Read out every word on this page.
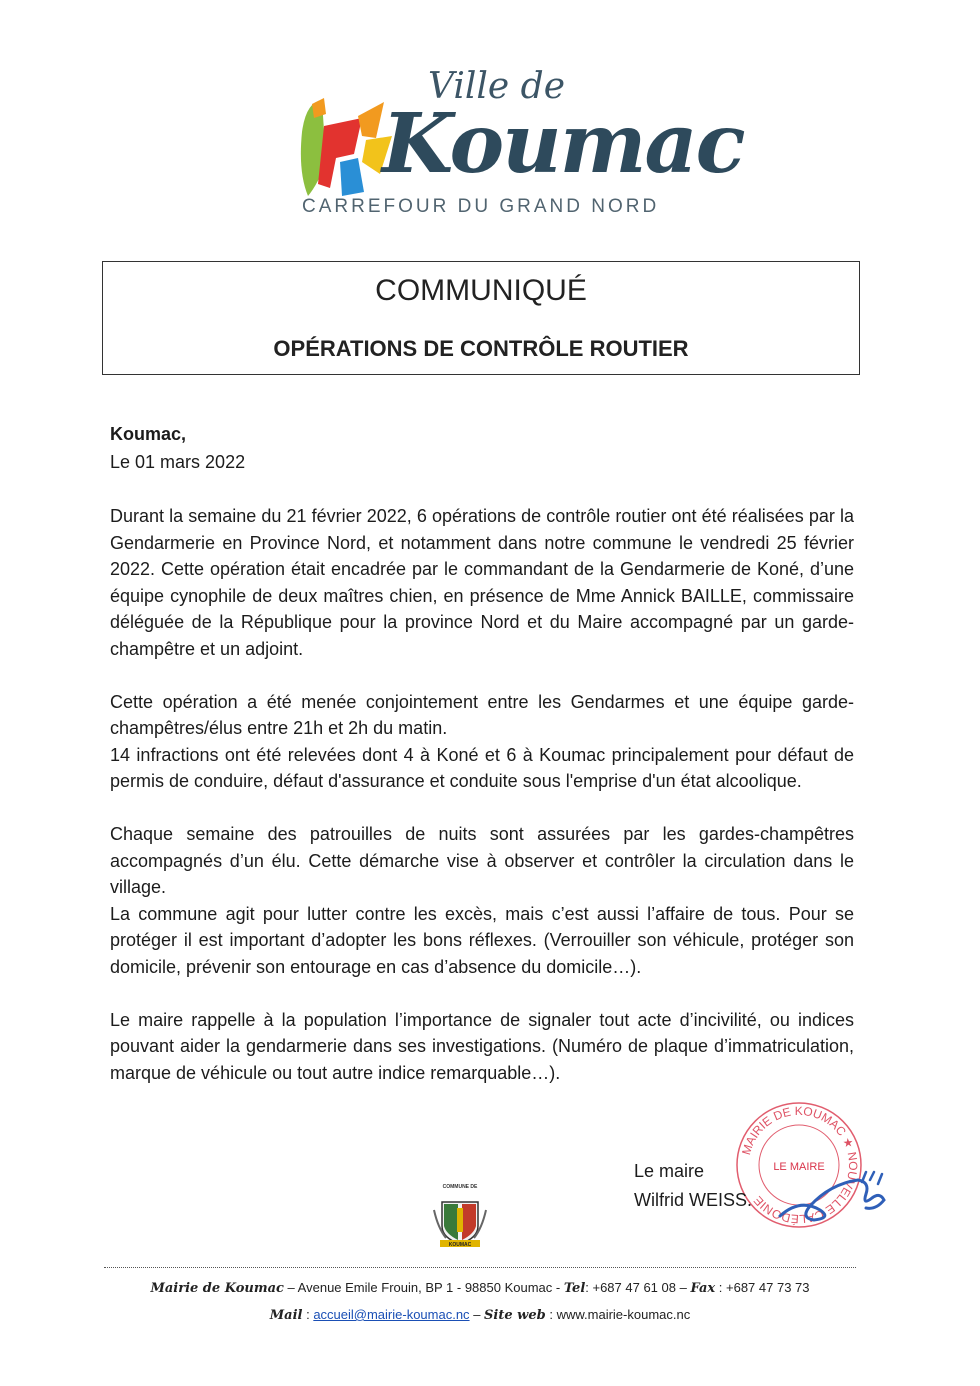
Ville de
Koumac
CARREFOUR DU GRAND NORD
COMMUNIQUÉ
OPÉRATIONS DE CONTRÔLE ROUTIER
Koumac,
Le 01 mars 2022

Durant la semaine du 21 février 2022, 6 opérations de contrôle routier ont été réalisées par la Gendarmerie en Province Nord, et notamment dans notre commune le vendredi 25 février 2022. Cette opération était encadrée par le commandant de la Gendarmerie de Koné, d’une équipe cynophile de deux maîtres chien, en présence de Mme Annick BAILLE, commissaire déléguée de la République pour la province Nord et du Maire accompagné par un garde-champêtre et un adjoint.

Cette opération a été menée conjointement entre les Gendarmes et une équipe garde-champêtres/élus entre 21h et 2h du matin.

14 infractions ont été relevées dont 4 à Koné et 6 à Koumac principalement pour défaut de permis de conduire, défaut d'assurance et conduite sous l'emprise d'un état alcoolique.

Chaque semaine des patrouilles de nuits sont assurées par les gardes-champêtres accompagnés d’un élu. Cette démarche vise à observer et contrôler la circulation dans le village.

La commune agit pour lutter contre les excès, mais c’est aussi l’affaire de tous. Pour se protéger il est important d’adopter les bons réflexes. (Verrouiller son véhicule, protéger son domicile, prévenir son entourage en cas d’absence du domicile…).

Le maire rappelle à la population l’importance de signaler tout acte d’incivilité, ou indices pouvant aider la gendarmerie dans ses investigations. (Numéro de plaque d’immatriculation, marque de véhicule ou tout autre indice remarquable…).

MAIRIE DE KOUMAC ★ NOUVELLE CALÉDONIE
LE MAIRE
Le maire
Wilfrid WEISS.
COMMUNE DE
KOUMAC
Mairie de Koumac – Avenue Emile Frouin, BP 1 - 98850 Koumac - Tel: +687 47 61 08 – Fax : +687 47 73 73
Mail : accueil@mairie-koumac.nc – Site web : www.mairie-koumac.nc
